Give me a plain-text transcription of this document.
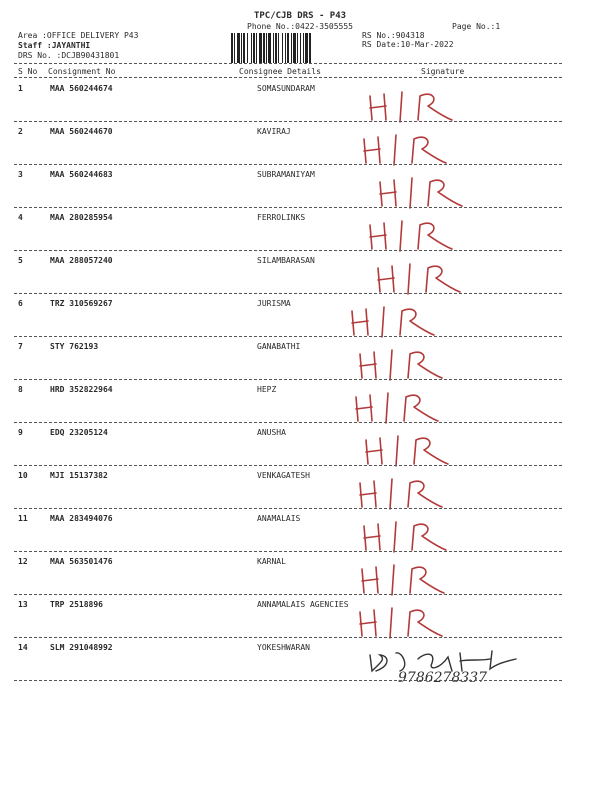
TPC/CJB DRS - P43
Phone No.:0422-3505555	Page No.:1
Area :OFFICE DELIVERY P43
Staff :JAYANTHI
DRS No. :DCJB90431801
RS No.:904318
RS Date:10-Mar-2022
S No Consignment No	Consignee Details	Signature
1	MAA 560244674	SOMASUNDARAM
2	MAA 560244670	KAVIRAJ
3	MAA 560244683	SUBRAMANIYAM
4	MAA 280285954	FERROLINKS
5	MAA 288057240	SILAMBARASAN
6	TRZ 310569267	JURISMA
7	STY 762193	GANABATHI
8	HRD 352822964	HEPZ
9	EDQ 23205124	ANUSHA
10	MJI 15137382	VENKAGATESH
11	MAA 283494076	ANAMALAIS
12	MAA 563501476	KARNAL
13	TRP 2518896	ANNAMALAIS AGENCIES
14	SLM 291048992	YOKESHWARAN
9786278337
